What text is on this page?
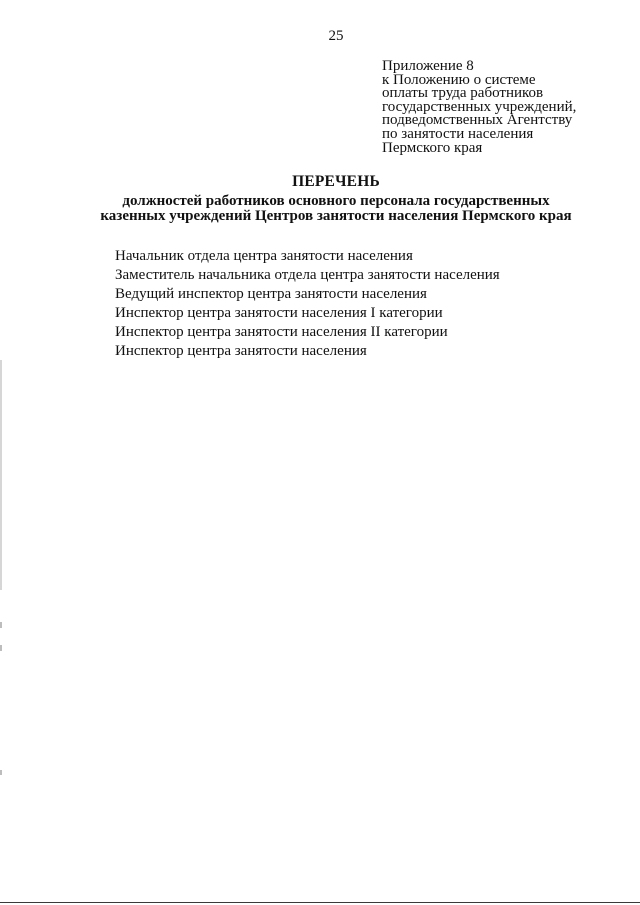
25
Приложение 8
к Положению о системе
оплаты труда работников
государственных учреждений,
подведомственных Агентству
по занятости населения
Пермского края
ПЕРЕЧЕНЬ
должностей работников основного персонала государственных
казенных учреждений Центров занятости населения Пермского края
Начальник отдела центра занятости населения
Заместитель начальника отдела центра занятости населения
Ведущий инспектор центра занятости населения
Инспектор центра занятости населения I категории
Инспектор центра занятости населения II категории
Инспектор центра занятости населения
